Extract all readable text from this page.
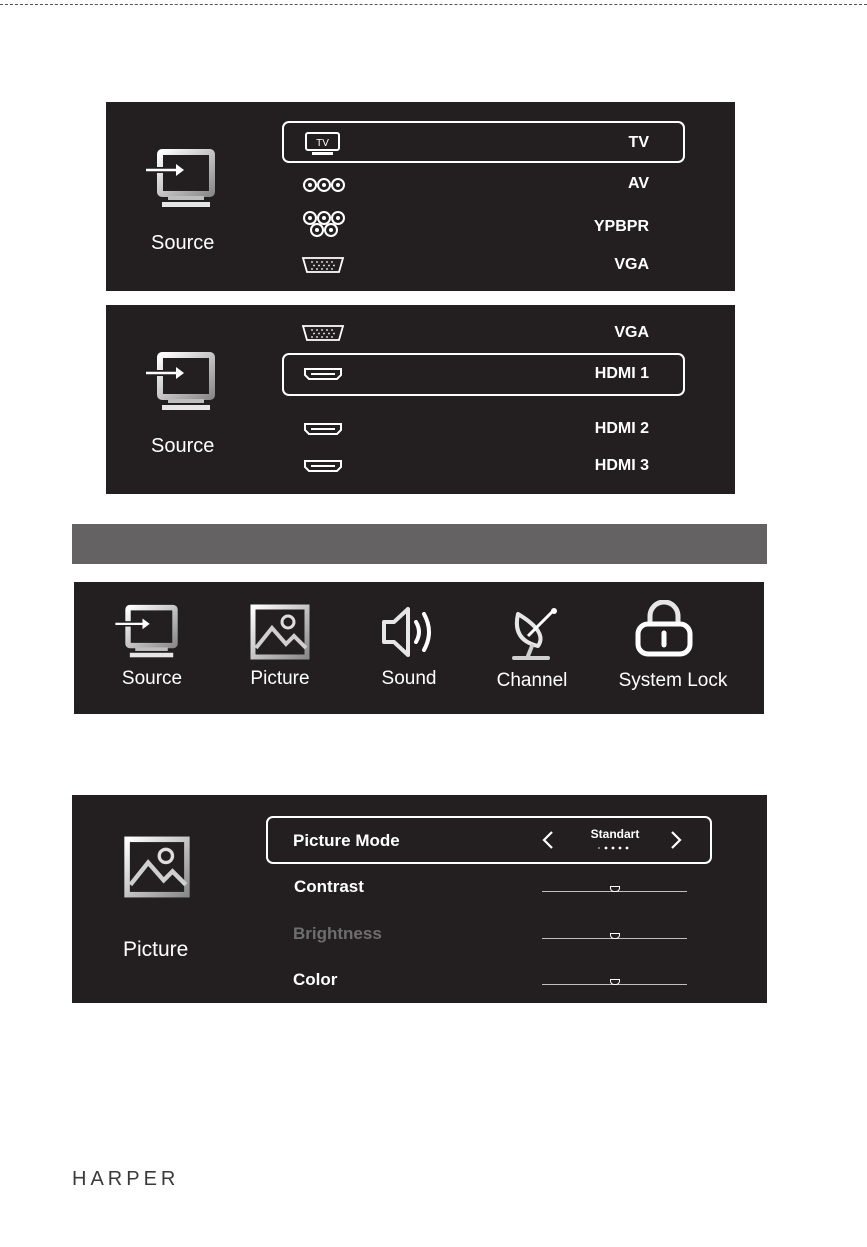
Source
TV	TV
AV
YPBPR
VGA
Source
VGA
HDMI 1
HDMI 2
HDMI 3
Source	Picture	Sound	Channel	System Lock
Picture
Picture Mode	Standart
Contrast
Brightness
Color
HARPER
